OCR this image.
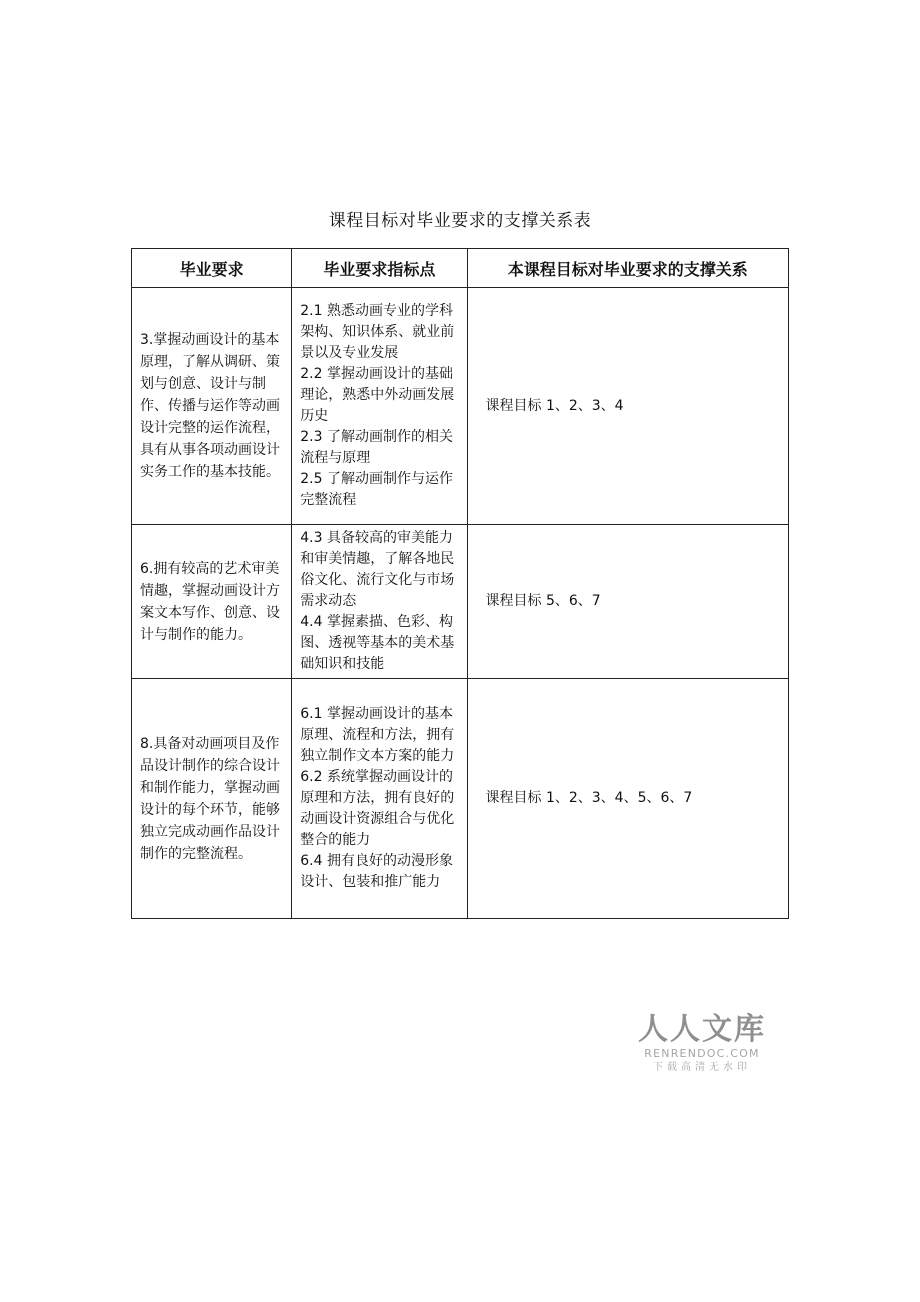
课程目标对毕业要求的支撑关系表
毕业要求	毕业要求指标点	本课程目标对毕业要求的支撑关系

3.掌握动画设计的基本原理，了解从调研、策划与创意、设计与制作、传播与运作等动画设计完整的运作流程，具有从事各项动画设计实务工作的基本技能。	2.1 熟悉动画专业的学科架构、知识体系、就业前景以及专业发展
2.2 掌握动画设计的基础理论，熟悉中外动画发展历史
2.3 了解动画制作的相关流程与原理
2.5 了解动画制作与运作完整流程	课程目标 1、2、3、4

6.拥有较高的艺术审美情趣，掌握动画设计方案文本写作、创意、设计与制作的能力。	4.3 具备较高的审美能力和审美情趣，了解各地民俗文化、流行文化与市场需求动态
4.4 掌握素描、色彩、构图、透视等基本的美术基础知识和技能	课程目标 5、6、7

8.具备对动画项目及作品设计制作的综合设计和制作能力，掌握动画设计的每个环节，能够独立完成动画作品设计制作的完整流程。	6.1 掌握动画设计的基本原理、流程和方法，拥有独立制作文本方案的能力
6.2 系统掌握动画设计的原理和方法，拥有良好的动画设计资源组合与优化整合的能力
6.4 拥有良好的动漫形象设计、包装和推广能力	课程目标 1、2、3、4、5、6、7
人人文库
RENRENDOC.COM
下载高清无水印
